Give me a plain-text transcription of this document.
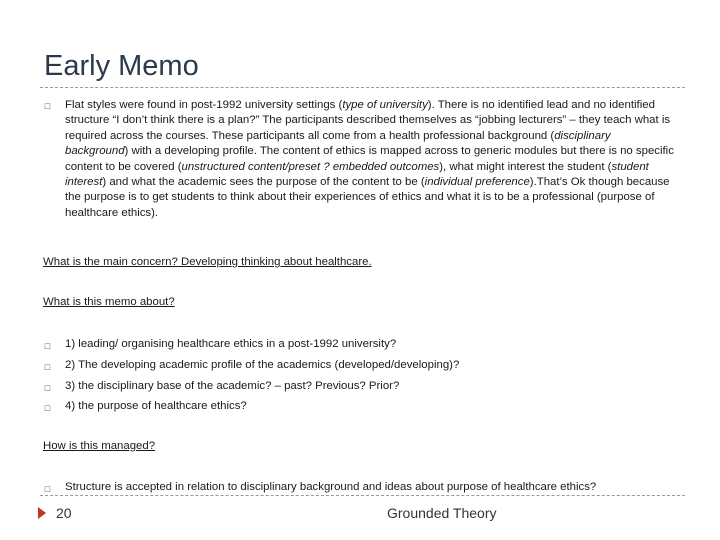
Early Memo
□ Flat styles were found in post-1992 university settings (type of university). There is no identified lead and no identified structure “I don’t think there is a plan?” The participants described themselves as “jobbing lecturers” – they teach what is required across the courses. These participants all come from a health professional background (disciplinary background) with a developing profile. The content of ethics is mapped across to generic modules but there is no specific content to be covered (unstructured content/preset ? embedded outcomes), what might interest the student (student interest) and what the academic sees the purpose of the content to be (individual preference).That’s Ok though because the purpose is to get students to think about their experiences of ethics and what it is to be a professional (purpose of healthcare ethics).
What is the main concern? Developing thinking about healthcare.
What is this memo about?
□ 1) leading/ organising healthcare ethics in a post-1992 university?
□ 2) The developing academic profile of the academics (developed/developing)?
□ 3) the disciplinary base of the academic? – past? Previous? Prior?
□ 4) the purpose of healthcare ethics?
How is this managed?
□ Structure is accepted in relation to disciplinary background and ideas about purpose of healthcare ethics?
20	Grounded Theory
